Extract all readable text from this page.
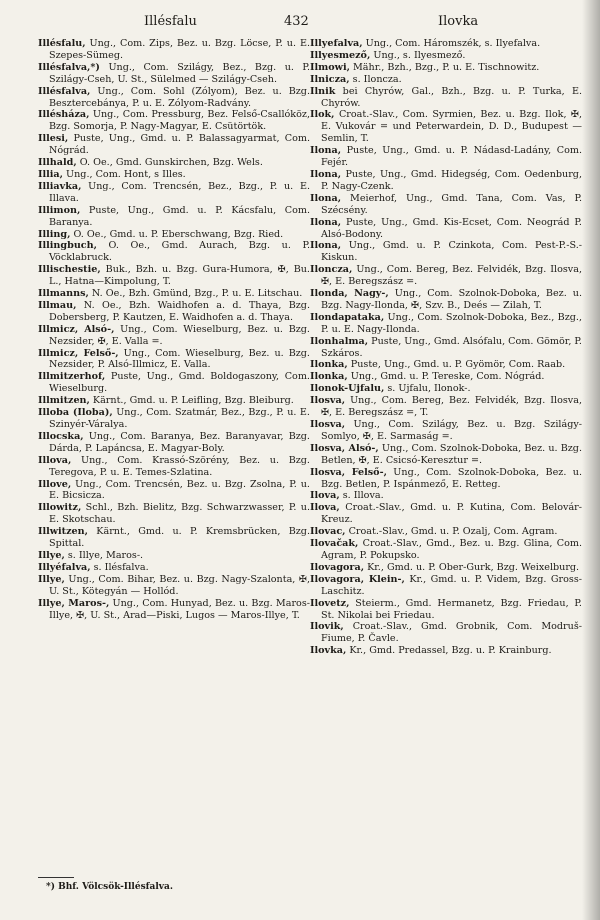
Illésfalu	432	Ilovka

Illésfalu, Ung., Com. Zips, Bez. u. Bzg. Löcse, P. u. E. Szepes-Sümeg.

Illésfalva,*) Ung., Com. Szilágy, Bez., Bzg. u. P. Szilágy-Cseh, U. St., Sülelmed — Szilágy-Cseh.

Illésfalva, Ung., Com. Sohl (Zólyom), Bez. u. Bzg. Besztercebánya, P. u. E. Zólyom-Radvány.

Illésháza, Ung., Com. Pressburg, Bez. Felső-Csallóköz, Bzg. Somorja, P. Nagy-Magyar, E. Csütörtök.

Illesi, Puste, Ung., Gmd. u. P. Balassagyarmat, Com. Nógrád.

Illhald, O. Oe., Gmd. Gunskirchen, Bzg. Wels.

Illia, Ung., Com. Hont, s Illes.

Illiavka, Ung., Com. Trencsén, Bez., Bzg., P. u. E. Illava.

Illimon, Puste, Ung., Gmd. u. P. Kácsfalu, Com. Baranya.

Illing, O. Oe., Gmd. u. P. Eberschwang, Bzg. Ried.

Illingbuch, O. Oe., Gmd. Aurach, Bzg. u. P. Vöcklabruck.

Illischestie, Buk., Bzh. u. Bzg. Gura-Humora, ✠, Bu. L., Hatna—Kimpolung, T.

Illmanns, N. Oe., Bzh. Gmünd, Bzg., P. u. E. Litschau.

Illmau, N. Oe., Bzh. Waidhofen a. d. Thaya, Bzg. Dobersberg, P. Kautzen, E. Waidhofen a. d. Thaya.

Illmicz, Alsó-, Ung., Com. Wieselburg, Bez. u. Bzg. Nezsider, ✠, E. Valla =.

Illmicz, Felső-, Ung., Com. Wieselburg, Bez. u. Bzg. Nezsider, P. Alsó-Illmicz, E. Valla.

Illmitzerhof, Puste, Ung., Gmd. Boldogaszony, Com. Wieselburg.

Illmitzen, Kärnt., Gmd. u. P. Leifling, Bzg. Bleiburg.

Illoba (Iloba), Ung., Com. Szatmár, Bez., Bzg., P. u. E. Szinyér-Váralya.

Illocska, Ung., Com. Baranya, Bez. Baranyavar, Bzg. Dárda, P. Lapáncsa, E. Magyar-Boly.

Illova, Ung., Com. Krassó-Szörény, Bez. u. Bzg. Teregova, P. u. E. Temes-Szlatina.

Illove, Ung., Com. Trencsén, Bez. u. Bzg. Zsolna, P. u. E. Bicsicza.

Illowitz, Schl., Bzh. Bielitz, Bzg. Schwarzwasser, P. u. E. Skotschau.

Illwitzen, Kärnt., Gmd. u. P. Kremsbrücken, Bzg. Spittal.

Illye, s. Illye, Maros-.

Illyéfalva, s. Ilésfalva.

Illye, Ung., Com. Bihar, Bez. u. Bzg. Nagy-Szalonta, ✠, U. St., Kötegyán — Hollód.

Illye, Maros-, Ung., Com. Hunyad, Bez. u. Bzg. Maros-Illye, ✠, U. St., Arad—Piski, Lugos — Maros-Illye, T.

Illyefalva, Ung., Com. Háromszék, s. Ilyefalva.

Illyesmező, Ung., s. Ilyesmező.

Ilmowi, Mähr., Bzh., Bzg., P. u. E. Tischnowitz.

Ilnicza, s. Iloncza.

Ilnik bei Chyrów, Gal., Bzh., Bzg. u. P. Turka, E. Chyrów.

Ilok, Croat.-Slav., Com. Syrmien, Bez. u. Bzg. Ilok, ✠, E. Vukovár = und Peterwardein, D. D., Budupest — Semlin, T.

Ilona, Puste, Ung., Gmd. u. P. Nádasd-Ladány, Com. Fejér.

Ilona, Puste, Ung., Gmd. Hidegség, Com. Oedenburg, P. Nagy-Czenk.

Ilona, Meierhof, Ung., Gmd. Tana, Com. Vas, P. Szécsény.

Ilona, Puste, Ung., Gmd. Kis-Ecset, Com. Neográd P. Alsó-Bodony.

Ilona, Ung., Gmd. u. P. Czinkota, Com. Pest-P.-S.-Kiskun.

Iloncza, Ung., Com. Bereg, Bez. Felvidék, Bzg. Ilosva, ✠, E. Beregszász =.

Ilonda, Nagy-, Ung., Com. Szolnok-Doboka, Bez. u. Bzg. Nagy-Ilonda, ✠, Szv. B., Deés — Zilah, T.

Ilondapataka, Ung., Com. Szolnok-Doboka, Bez., Bzg., P. u. E. Nagy-Ilonda.

Ilonhalma, Puste, Ung., Gmd. Alsófalu, Com. Gömör, P. Szkáros.

Ilonka, Puste, Ung., Gmd. u. P. Gyömör, Com. Raab.

Ilonka, Ung., Gmd. u. P. Tereske, Com. Nógrád.

Ilonok-Ujfalu, s. Ujfalu, Ilonok-.

Ilosva, Ung., Com. Bereg, Bez. Felvidék, Bzg. Ilosva, ✠, E. Beregszász =, T.

Ilosva, Ung., Com. Szilágy, Bez. u. Bzg. Szilágy-Somlyo, ✠, E. Sarmaság =.

Ilosva, Alsó-, Ung., Com. Szolnok-Doboka, Bez. u. Bzg. Betlen, ✠, E. Csicsó-Keresztur =.

Ilosva, Felső-, Ung., Com. Szolnok-Doboka, Bez. u. Bzg. Betlen, P. Ispánmező, E. Retteg.

Ilova, s. Illova.

Ilova, Croat.-Slav., Gmd. u. P. Kutina, Com. Belovár-Kreuz.

Ilovac, Croat.-Slav., Gmd. u. P. Ozalj, Com. Agram.

Ilovačak, Croat.-Slav., Gmd., Bez. u. Bzg. Glina, Com. Agram, P. Pokupsko.

Ilovagora, Kr., Gmd. u. P. Ober-Gurk, Bzg. Weixelburg.

Ilovagora, Klein-, Kr., Gmd. u. P. Videm, Bzg. Gross-Laschitz.

Ilovetz, Steierm., Gmd. Hermanetz, Bzg. Friedau, P. St. Nikolai bei Friedau.

Ilovik, Croat.-Slav., Gmd. Grobnik, Com. Modruš-Fiume, P. Čavle.

Ilovka, Kr., Gmd. Predassel, Bzg. u. P. Krainburg.

*) Bhf. Völcsök-Illésfalva.
